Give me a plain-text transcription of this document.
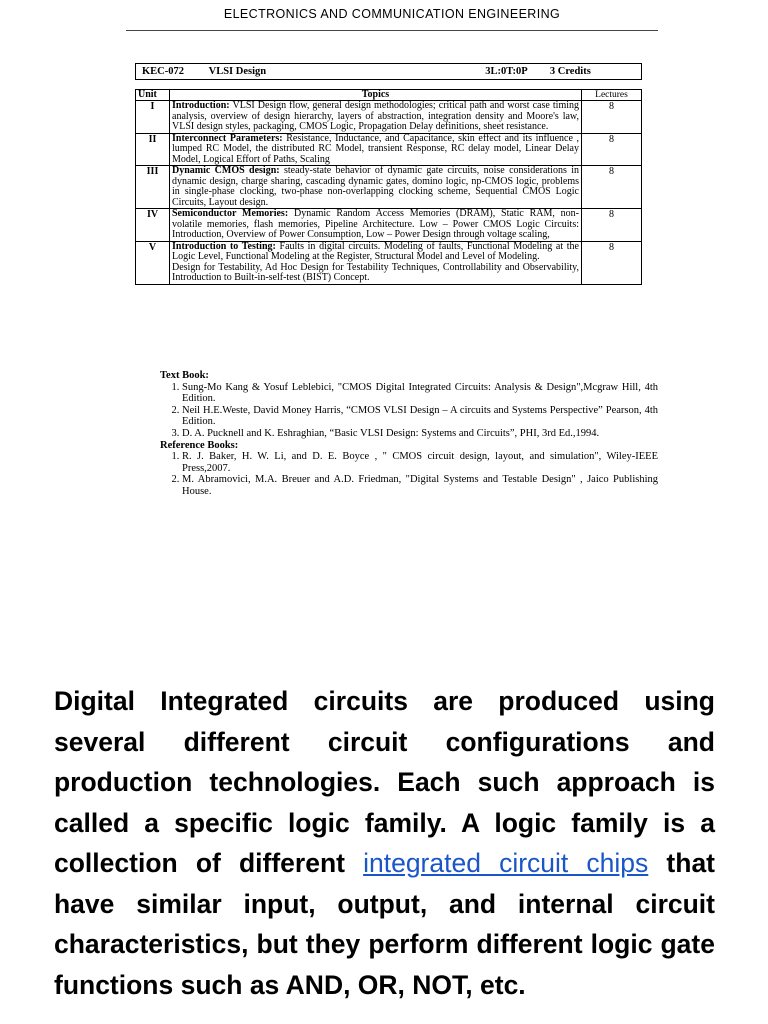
ELECTRONICS AND COMMUNICATION ENGINEERING
KEC-072 VLSI Design 3L:0T:0P 3 Credits		

Unit	Topics	Lectures
I	Introduction: VLSI Design flow, general design methodologies; critical path and worst case timing analysis, overview of design hierarchy, layers of abstraction, integration density and Moore's law, VLSI design styles, packaging, CMOS Logic, Propagation Delay definitions, sheet resistance.	8
II	Interconnect Parameters: Resistance, Inductance, and Capacitance, skin effect and its influence , lumped RC Model, the distributed RC Model, transient Response, RC delay model, Linear Delay Model, Logical Effort of Paths, Scaling	8
III	Dynamic CMOS design: steady-state behavior of dynamic gate circuits, noise considerations in dynamic design, charge sharing, cascading dynamic gates, domino logic, np-CMOS logic, problems in single-phase clocking, two-phase non-overlapping clocking scheme, Sequential CMOS Logic Circuits, Layout design.	8
IV	Semiconductor Memories: Dynamic Random Access Memories (DRAM), Static RAM, non-volatile memories, flash memories, Pipeline Architecture. Low – Power CMOS Logic Circuits: Introduction, Overview of Power Consumption, Low – Power Design through voltage scaling,	8
V	Introduction to Testing: Faults in digital circuits. Modeling of faults, Functional Modeling at the Logic Level, Functional Modeling at the Register, Structural Model and Level of Modeling.
Design for Testability, Ad Hoc Design for Testability Techniques, Controllability and Observability, Introduction to Built-in-self-test (BIST) Concept.	8
Text Book:
1. Sung-Mo Kang & Yosuf Leblebici, "CMOS Digital Integrated Circuits: Analysis & Design",Mcgraw Hill, 4th Edition.
2. Neil H.E.Weste, David Money Harris, “CMOS VLSI Design – A circuits and Systems Perspective” Pearson, 4th Edition.
3. D. A. Pucknell and K. Eshraghian, “Basic VLSI Design: Systems and Circuits”, PHI, 3rd Ed.,1994.
Reference Books:
1. R. J. Baker, H. W. Li, and D. E. Boyce , " CMOS circuit design, layout, and simulation", Wiley-IEEE Press,2007.
2. M. Abramovici, M.A. Breuer and A.D. Friedman, "Digital Systems and Testable Design" , Jaico Publishing House.

Digital Integrated circuits are produced using several different circuit configurations and production technologies. Each such approach is called a specific logic family. A logic family is a collection of different integrated circuit chips that have similar input, output, and internal circuit characteristics, but they perform different logic gate functions such as AND, OR, NOT, etc.
